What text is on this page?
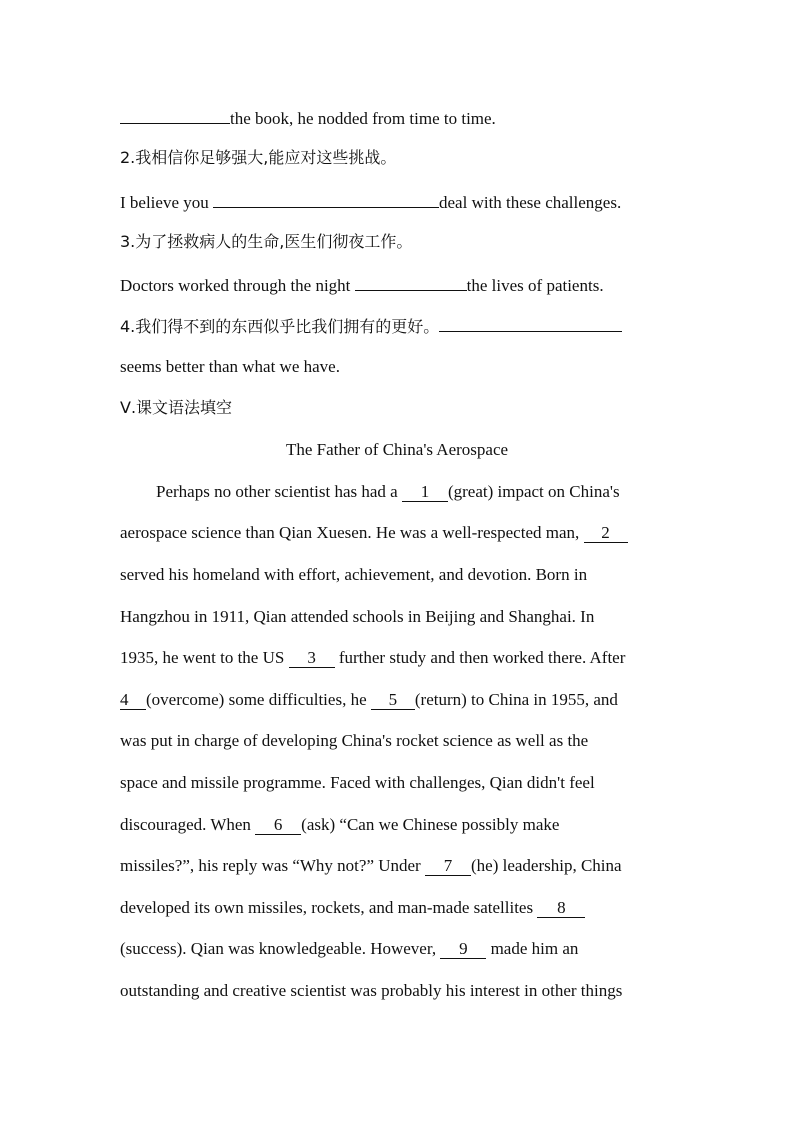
the book, he nodded from time to time.
2.我相信你足够强大,能应对这些挑战。
I believe you	deal with these challenges.
3.为了拯救病人的生命,医生们彻夜工作。
Doctors worked through the night	the lives of patients.
4.我们得不到的东西似乎比我们拥有的更好。
seems better than what we have.
Ⅴ.课文语法填空
The Father of China's Aerospace
Perhaps no other scientist has had a 1 (great) impact on China's
aerospace science than Qian Xuesen. He was a well-respected man, 2
served his homeland with effort, achievement, and devotion. Born in
Hangzhou in 1911, Qian attended schools in Beijing and Shanghai. In
1935, he went to the US 3 further study and then worked there. After
4 (overcome) some difficulties, he 5 (return) to China in 1955, and
was put in charge of developing China's rocket science as well as the
space and missile programme. Faced with challenges, Qian didn't feel
discouraged. When 6 (ask) “Can we Chinese possibly make
missiles?”, his reply was “Why not?” Under 7 (he) leadership, China
developed its own missiles, rockets, and man-made satellites 8
(success). Qian was knowledgeable. However, 9 made him an
outstanding and creative scientist was probably his interest in other things
